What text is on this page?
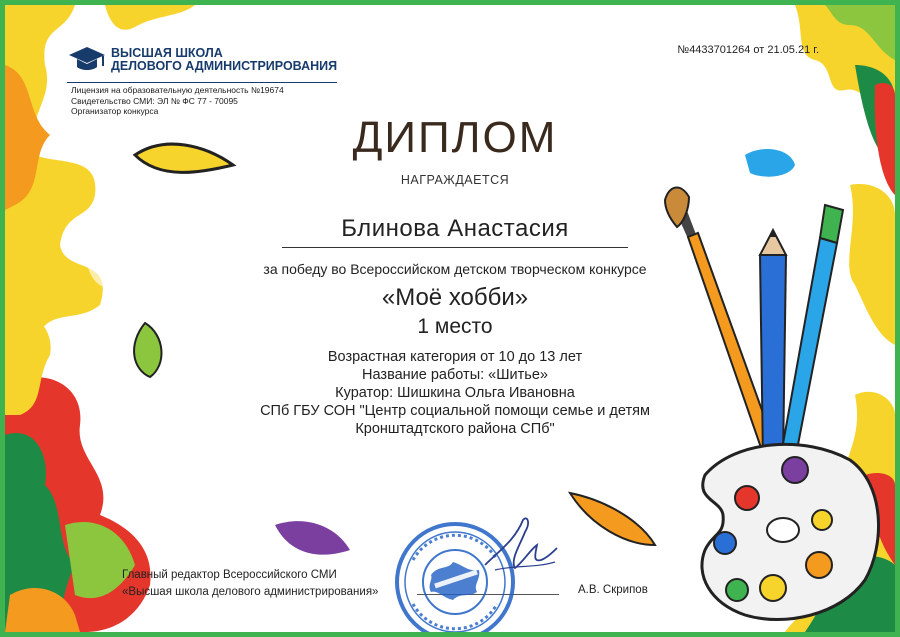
ВЫСШАЯ ШКОЛА
ДЕЛОВОГО АДМИНИСТРИРОВАНИЯ
Лицензия на образовательную деятельность №19674
Свидетельство СМИ: ЭЛ № ФС 77 - 70095
Организатор конкурса
№4433701264 от 21.05.21 г.
ДИПЛОМ
НАГРАЖДАЕТСЯ
Блинова Анастасия
за победу во Всероссийском детском творческом конкурсе
«Моё хобби»
1 место
Возрастная категория от 10 до 13 лет
Название работы: «Шитье»
Куратор: Шишкина Ольга Ивановна
СПб ГБУ СОН "Центр социальной помощи семье и детям
Кронштадтского района СПб"
Главный редактор Всероссийского СМИ
«Высшая школа делового администрирования»	А.В. Скрипов
